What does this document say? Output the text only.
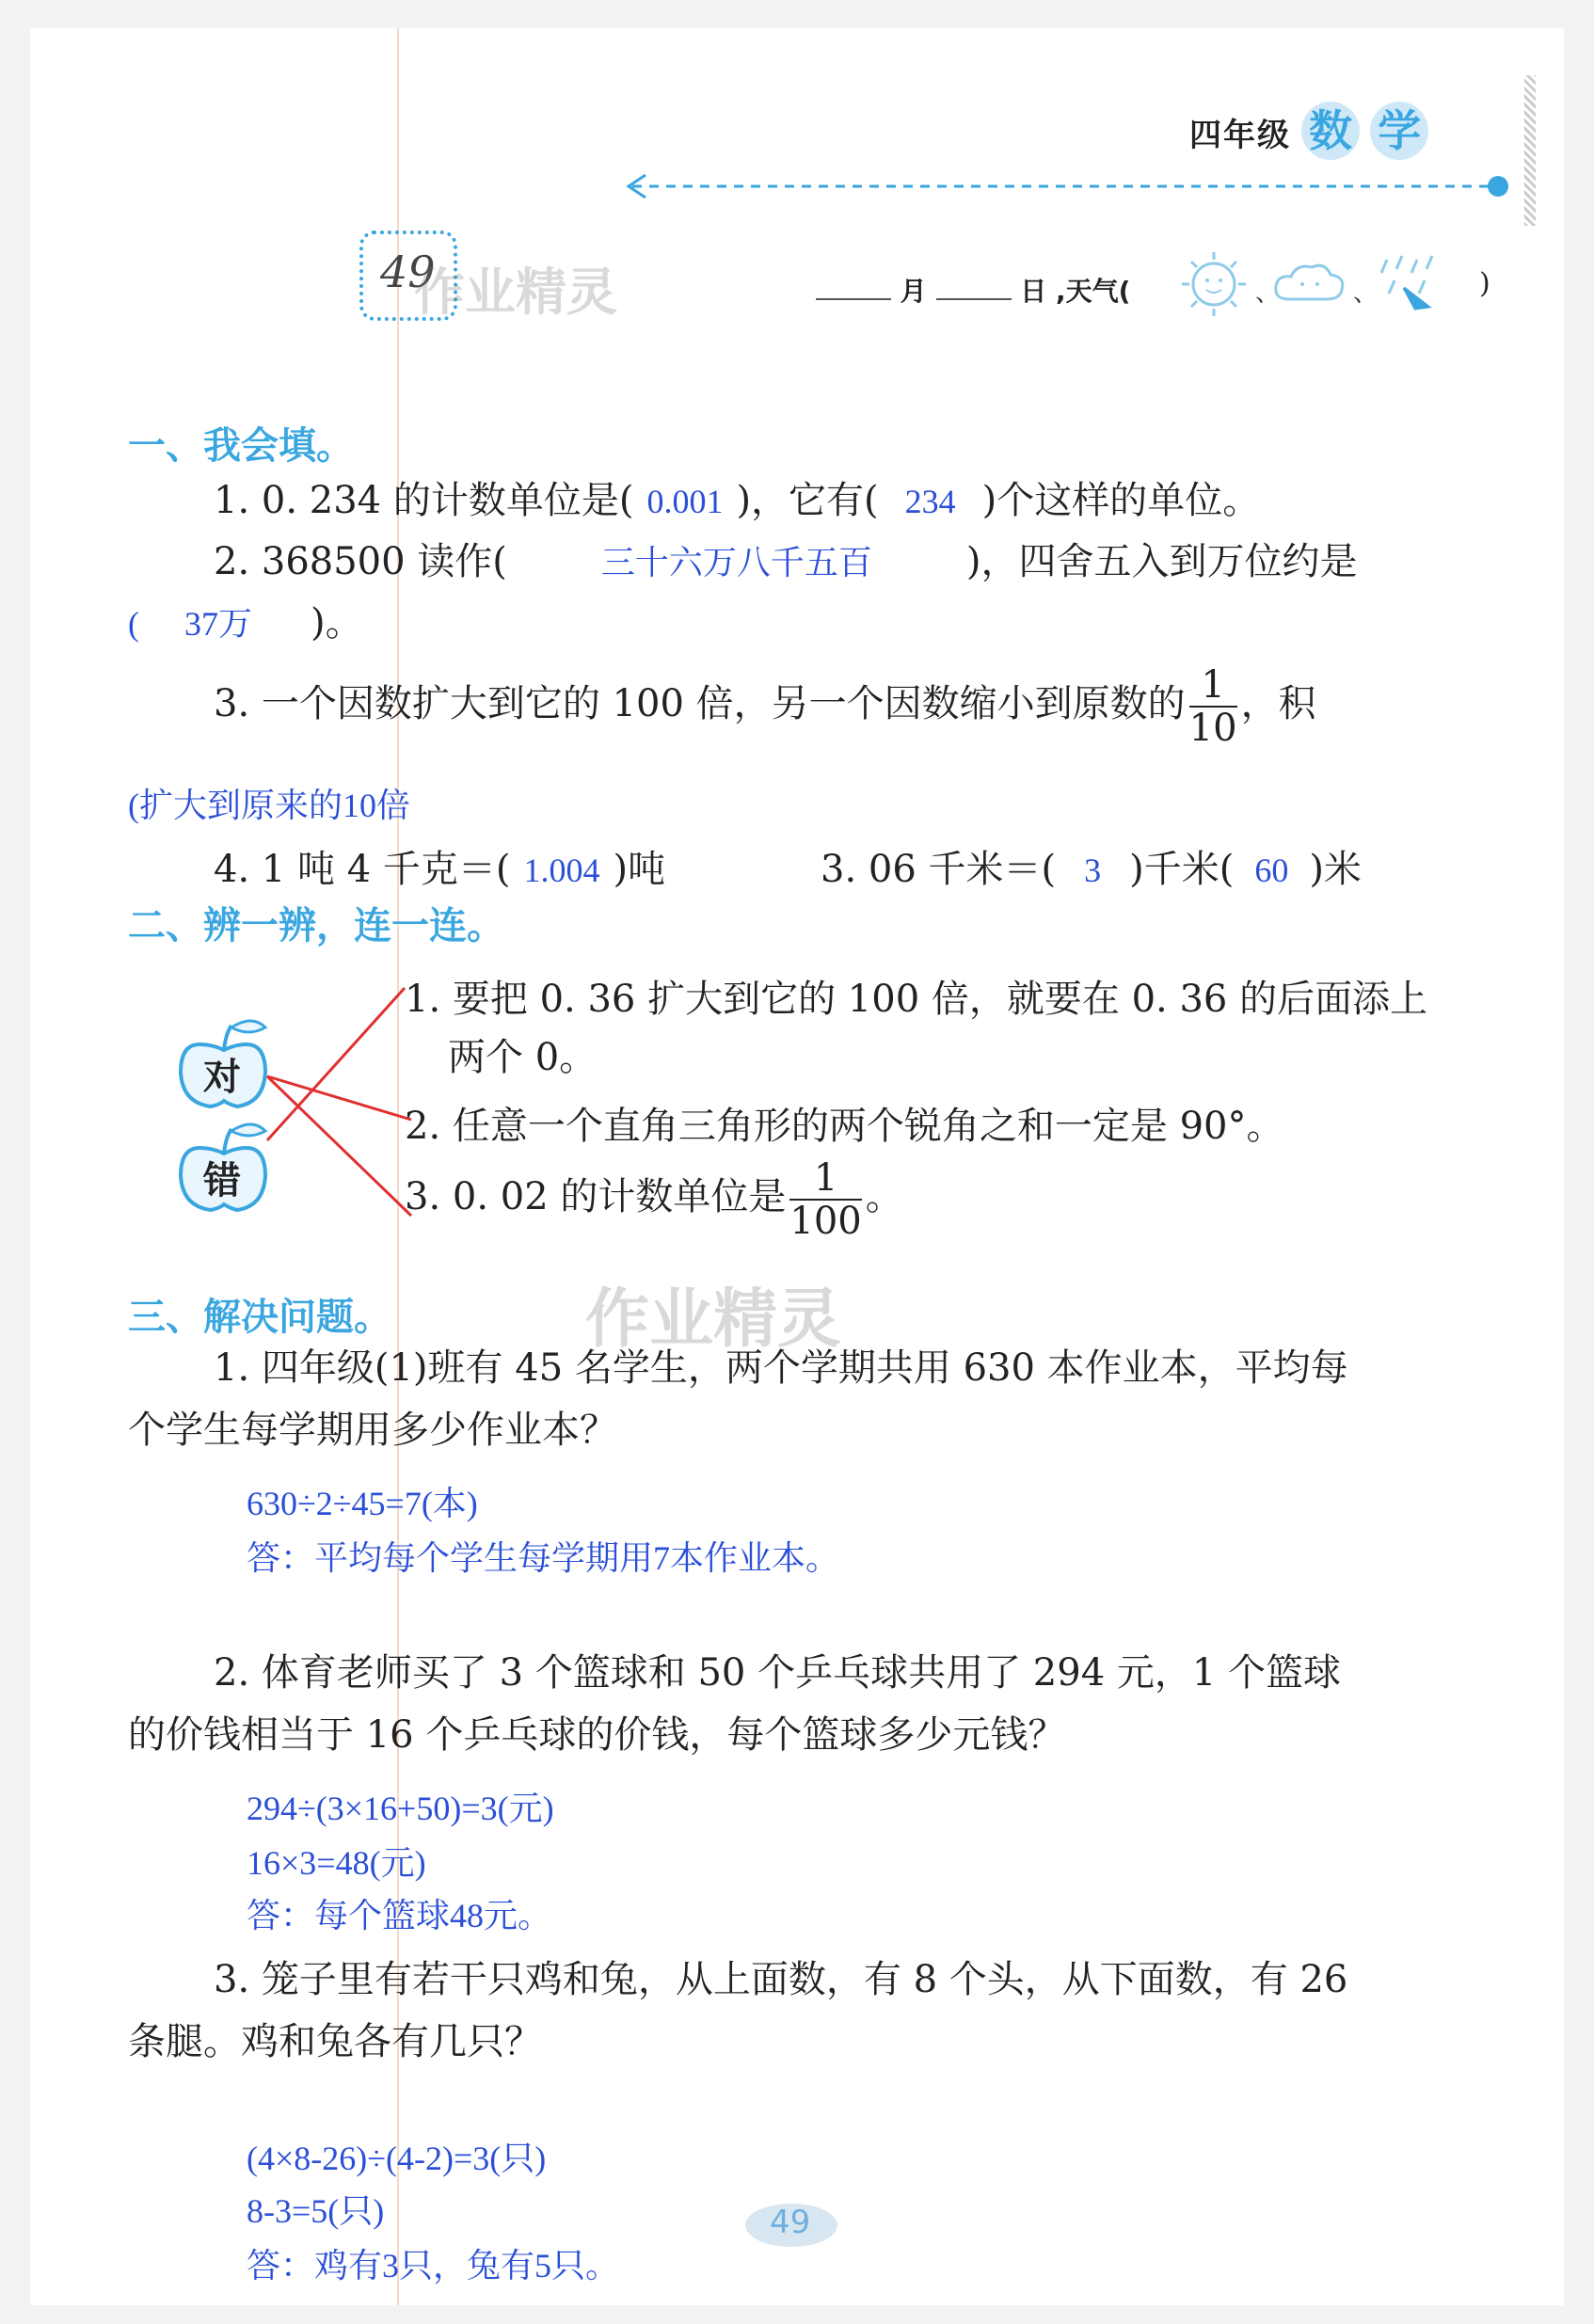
四年级 数 学
49
作业精灵	月	日 ,天气(	、	、	)
一、我会填。
1. 0. 234 的计数单位是( 0.001 )，它有( 234 )个这样的单位。
2. 368500 读作(	三十六万八千五百	)，四舍五入到万位约是
( 37万 )。
3. 一个因数扩大到它的 100 倍，另一个因数缩小到原数的 $\frac{1}{10}$ ，积
(扩大到原来的10倍
4. 1 吨 4 千克＝( 1.004 )吨	3. 06 千米＝( 3 )千米( 60 )米
二、辨一辨，连一连。
对
错
1. 要把 0. 36 扩大到它的 100 倍，就要在 0. 36 的后面添上
两个 0。
2. 任意一个直角三角形的两个锐角之和一定是 90°。
3. 0. 02 的计数单位是 $\frac{1}{100}$ 。
三、解决问题。	作业精灵
1. 四年级(1)班有 45 名学生，两个学期共用 630 本作业本，平均每
个学生每学期用多少作业本？
630÷2÷45=7(本)
答：平均每个学生每学期用7本作业本。
2. 体育老师买了 3 个篮球和 50 个乒乓球共用了 294 元，1 个篮球
的价钱相当于 16 个乒乓球的价钱，每个篮球多少元钱？
294÷(3×16+50)=3(元)
16×3=48(元)
答：每个篮球48元。
3. 笼子里有若干只鸡和兔，从上面数，有 8 个头，从下面数，有 26
条腿。鸡和兔各有几只？
(4×8-26)÷(4-2)=3(只)
8-3=5(只)
答：鸡有3只，兔有5只。
49
